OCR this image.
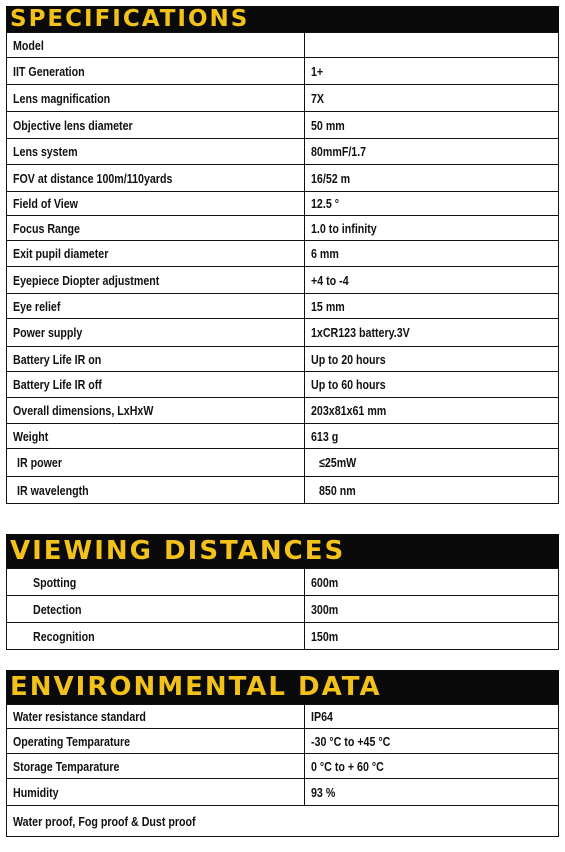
SPECIFICATIONS
Model	
IIT Generation	1+
Lens magnification	7X
Objective lens diameter	50 mm
Lens system	80mmF/1.7
FOV at distance 100m/110yards	16/52 m
Field of View	12.5 °
Focus Range	1.0 to infinity
Exit pupil diameter	6 mm
Eyepiece Diopter adjustment	+4 to -4
Eye relief	15 mm
Power supply	1xCR123 battery.3V
Battery Life IR on	Up to 20 hours
Battery Life IR off	Up to 60 hours
Overall dimensions, LxHxW	203x81x61 mm
Weight	613 g
IR power	≤25mW
IR wavelength	850 nm
VIEWING DISTANCES
Spotting	600m
Detection	300m
Recognition	150m
ENVIRONMENTAL DATA
Water resistance standard	IP64
Operating Temparature	-30 °C to +45 °C
Storage Temparature	0 °C to + 60 °C
Humidity	93 %
Water proof, Fog proof & Dust proof	
